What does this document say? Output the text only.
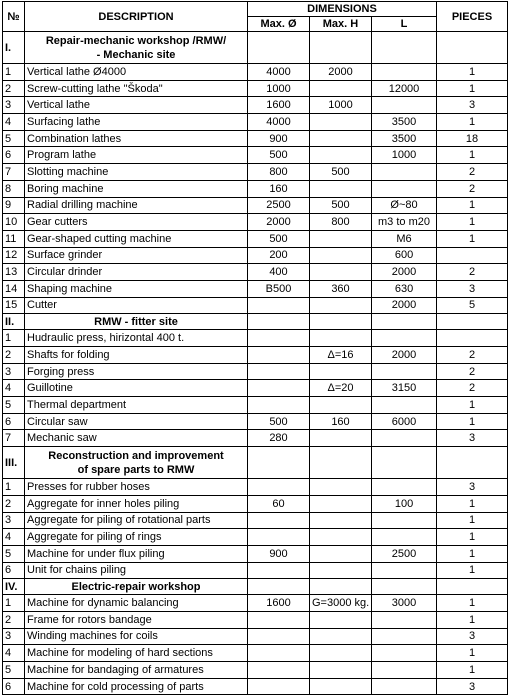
№	DESCRIPTION	DIMENSIONS			PIECES
		Max. Ø	Max. H	L	
I.	Repair-mechanic workshop /RMW/
- Mechanic site				

1	Vertical lathe Ø4000	4000	2000		1
2	Screw-cutting lathe "Škoda"	1000		12000	1
3	Vertical lathe	1600	1000		3
4	Surfacing lathe	4000		3500	1
5	Combination lathes	900		3500	18
6	Program lathe	500		1000	1
7	Slotting machine	800	500		2
8	Boring machine	160			2
9	Radial drilling machine	2500	500	Ø~80	1
10	Gear cutters	2000	800	m3 to m20	1
11	Gear-shaped cutting machine	500		M6	1
12	Surface grinder	200		600	
13	Circular drinder	400		2000	2
14	Shaping machine	B500	360	630	3
15	Cutter			2000	5
II.	RMW - fitter site				

1	Hudraulic press, hirizontal 400 t.				
2	Shafts for folding		Δ=16	2000	2
3	Forging press				2
4	Guillotine		Δ=20	3150	2
5	Thermal department				1
6	Circular saw	500	160	6000	1
7	Mechanic saw	280			3
III.	Reconstruction and improvement
of spare parts to RMW				

1	Presses for rubber hoses				3
2	Aggregate for inner holes piling	60		100	1
3	Aggregate for piling of rotational parts				1
4	Aggregate for piling of rings				1
5	Machine for under flux piling	900		2500	1
6	Unit for chains piling				1
IV.	Electric-repair workshop				

1	Machine for dynamic balancing	1600	G=3000 kg.	3000	1
2	Frame for rotors bandage				1
3	Winding machines for coils				3
4	Machine for modeling of hard sections				1
5	Machine for bandaging of armatures				1
6	Machine for cold processing of parts				3
